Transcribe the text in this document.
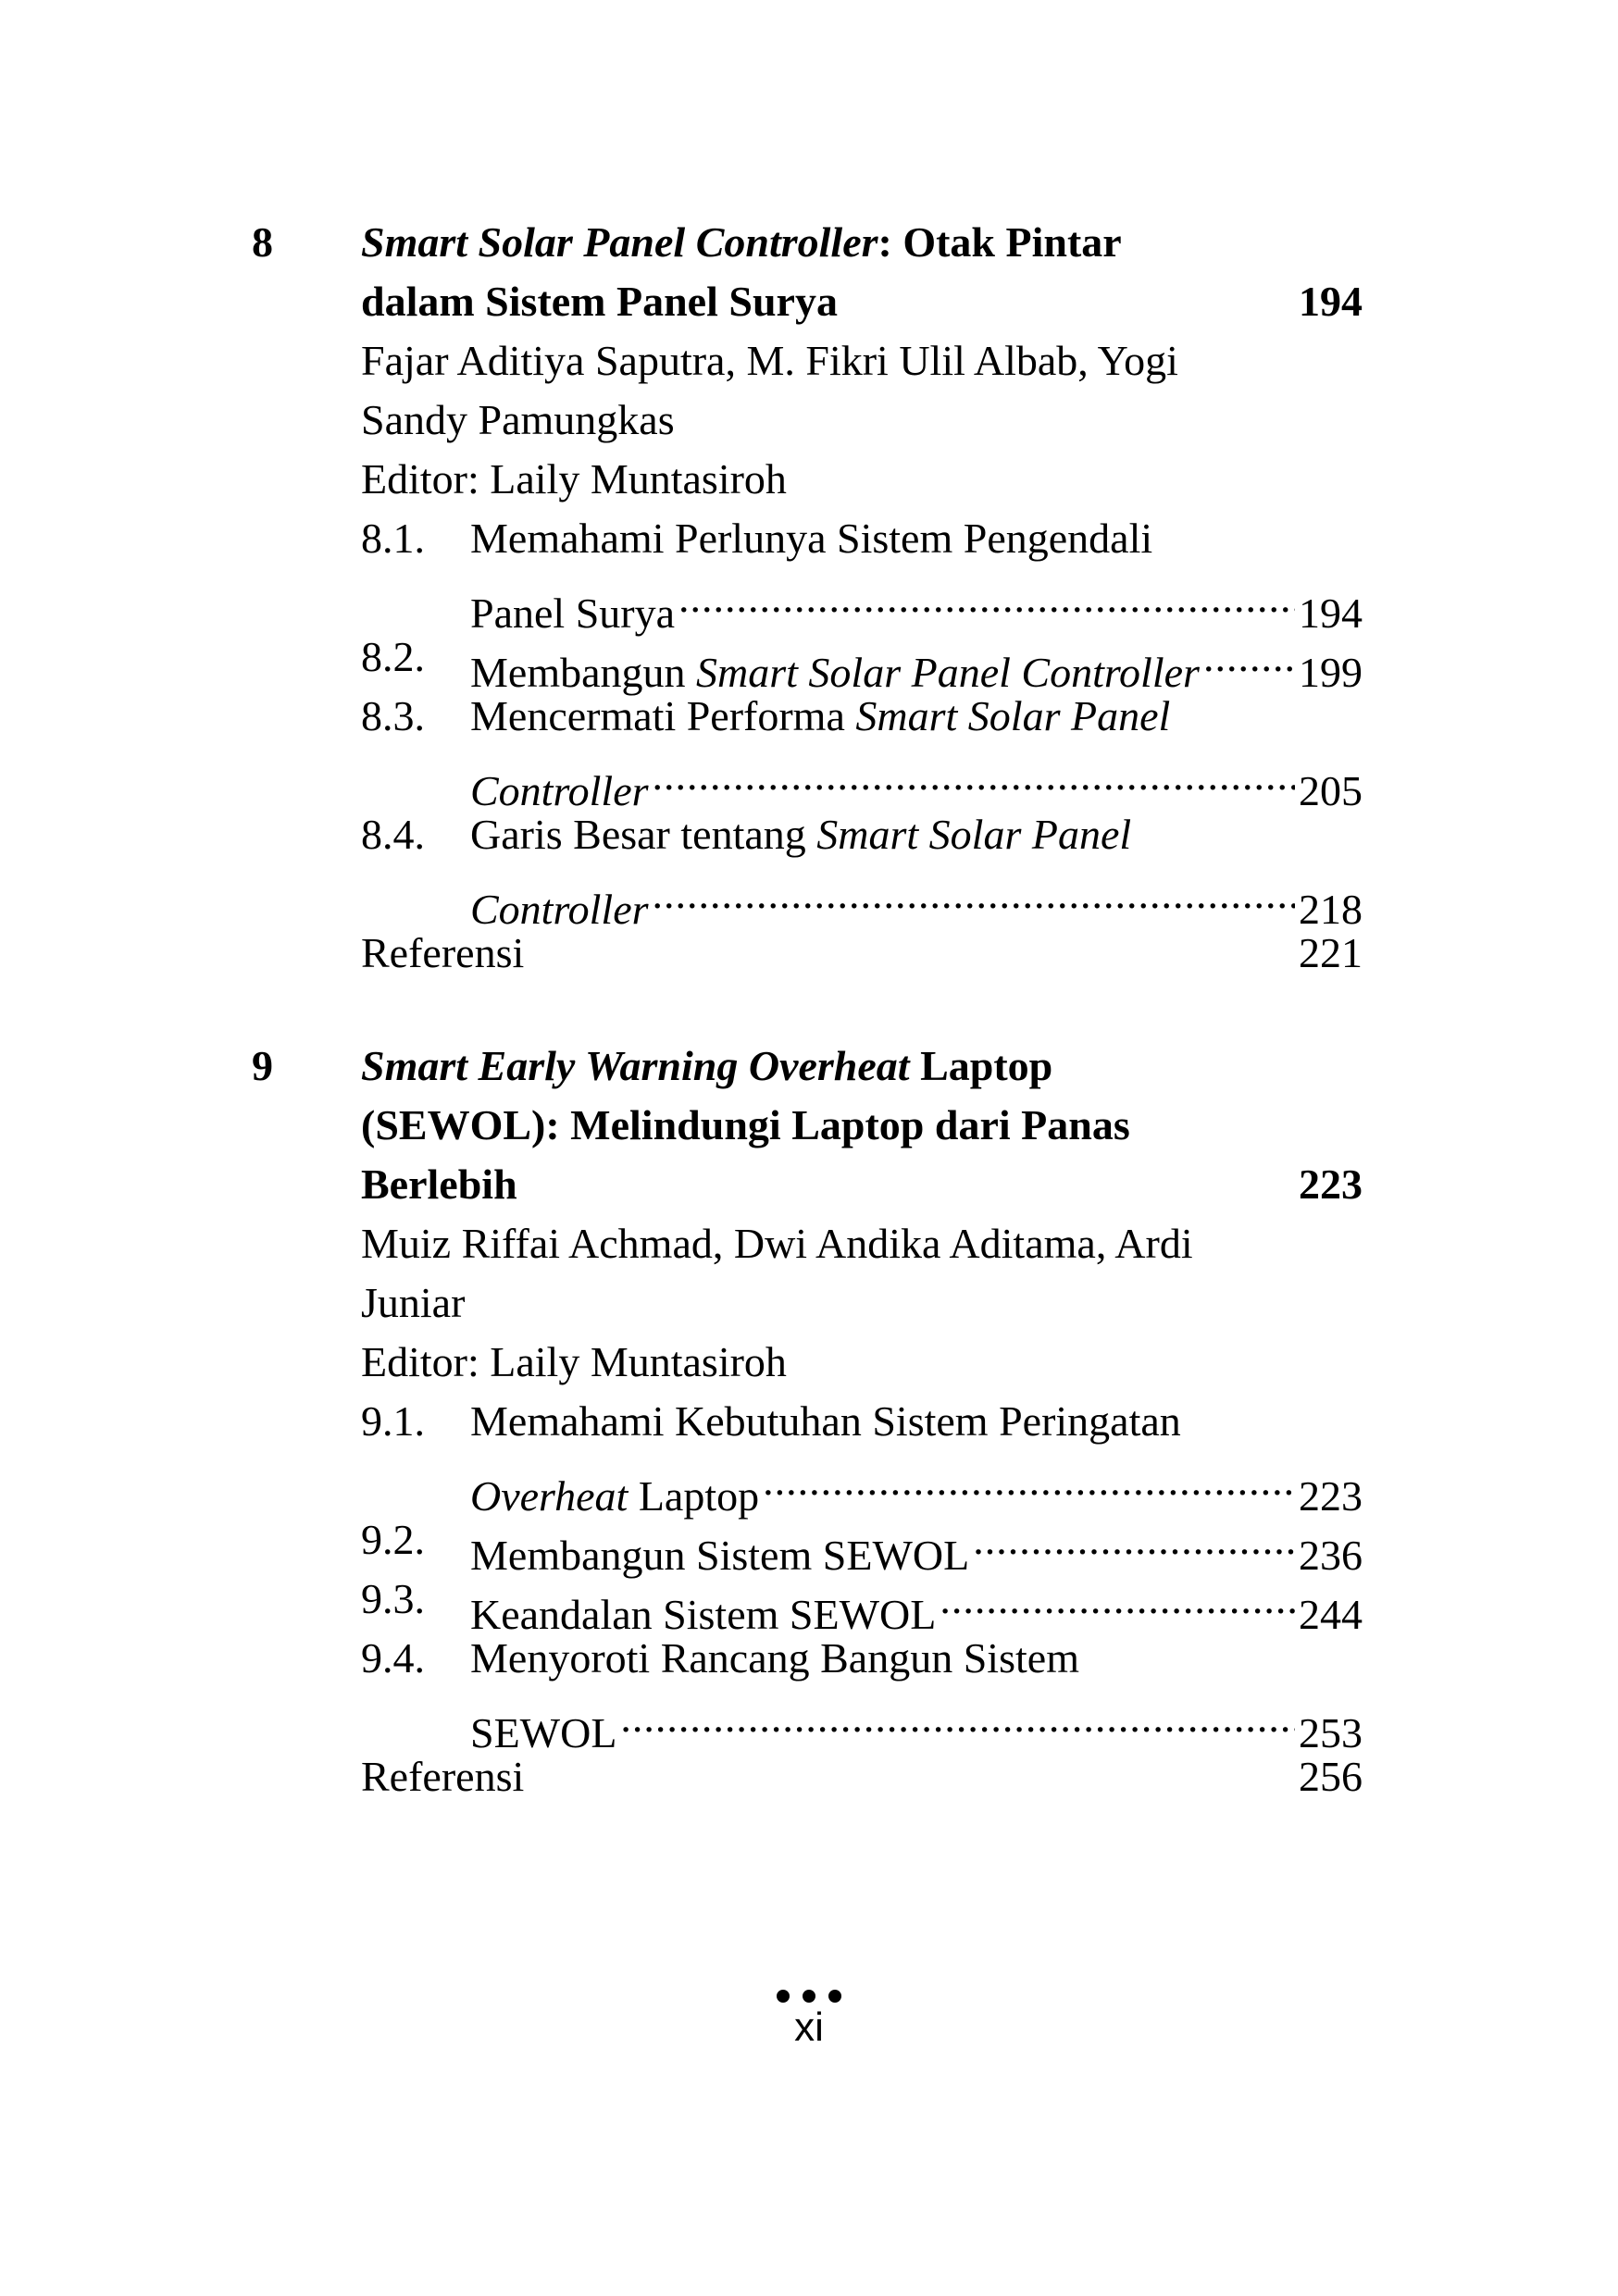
8 Smart Solar Panel Controller: Otak Pintar
dalam Sistem Panel Surya	194
Fajar Aditiya Saputra, M. Fikri Ulil Albab, Yogi
Sandy Pamungkas
Editor: Laily Muntasiroh
8.1.	Memahami Perlunya Sistem Pengendali
Panel Surya .....	194
8.2.	Membangun Smart Solar Panel Controller ..... 199
8.3.	Mencermati Performa Smart Solar Panel
Controller .....	205
8.4.	Garis Besar tentang Smart Solar Panel
Controller .....	218
Referensi	221
9 Smart Early Warning Overheat Laptop
(SEWOL): Melindungi Laptop dari Panas
Berlebih	223
Muiz Riffai Achmad, Dwi Andika Aditama, Ardi
Juniar
Editor: Laily Muntasiroh
9.1.	Memahami Kebutuhan Sistem Peringatan
Overheat Laptop .....	223
9.2.	Membangun Sistem SEWOL .....	236
9.3.	Keandalan Sistem SEWOL .....	244
9.4.	Menyoroti Rancang Bangun Sistem
SEWOL .....	253
Referensi	256
xi
